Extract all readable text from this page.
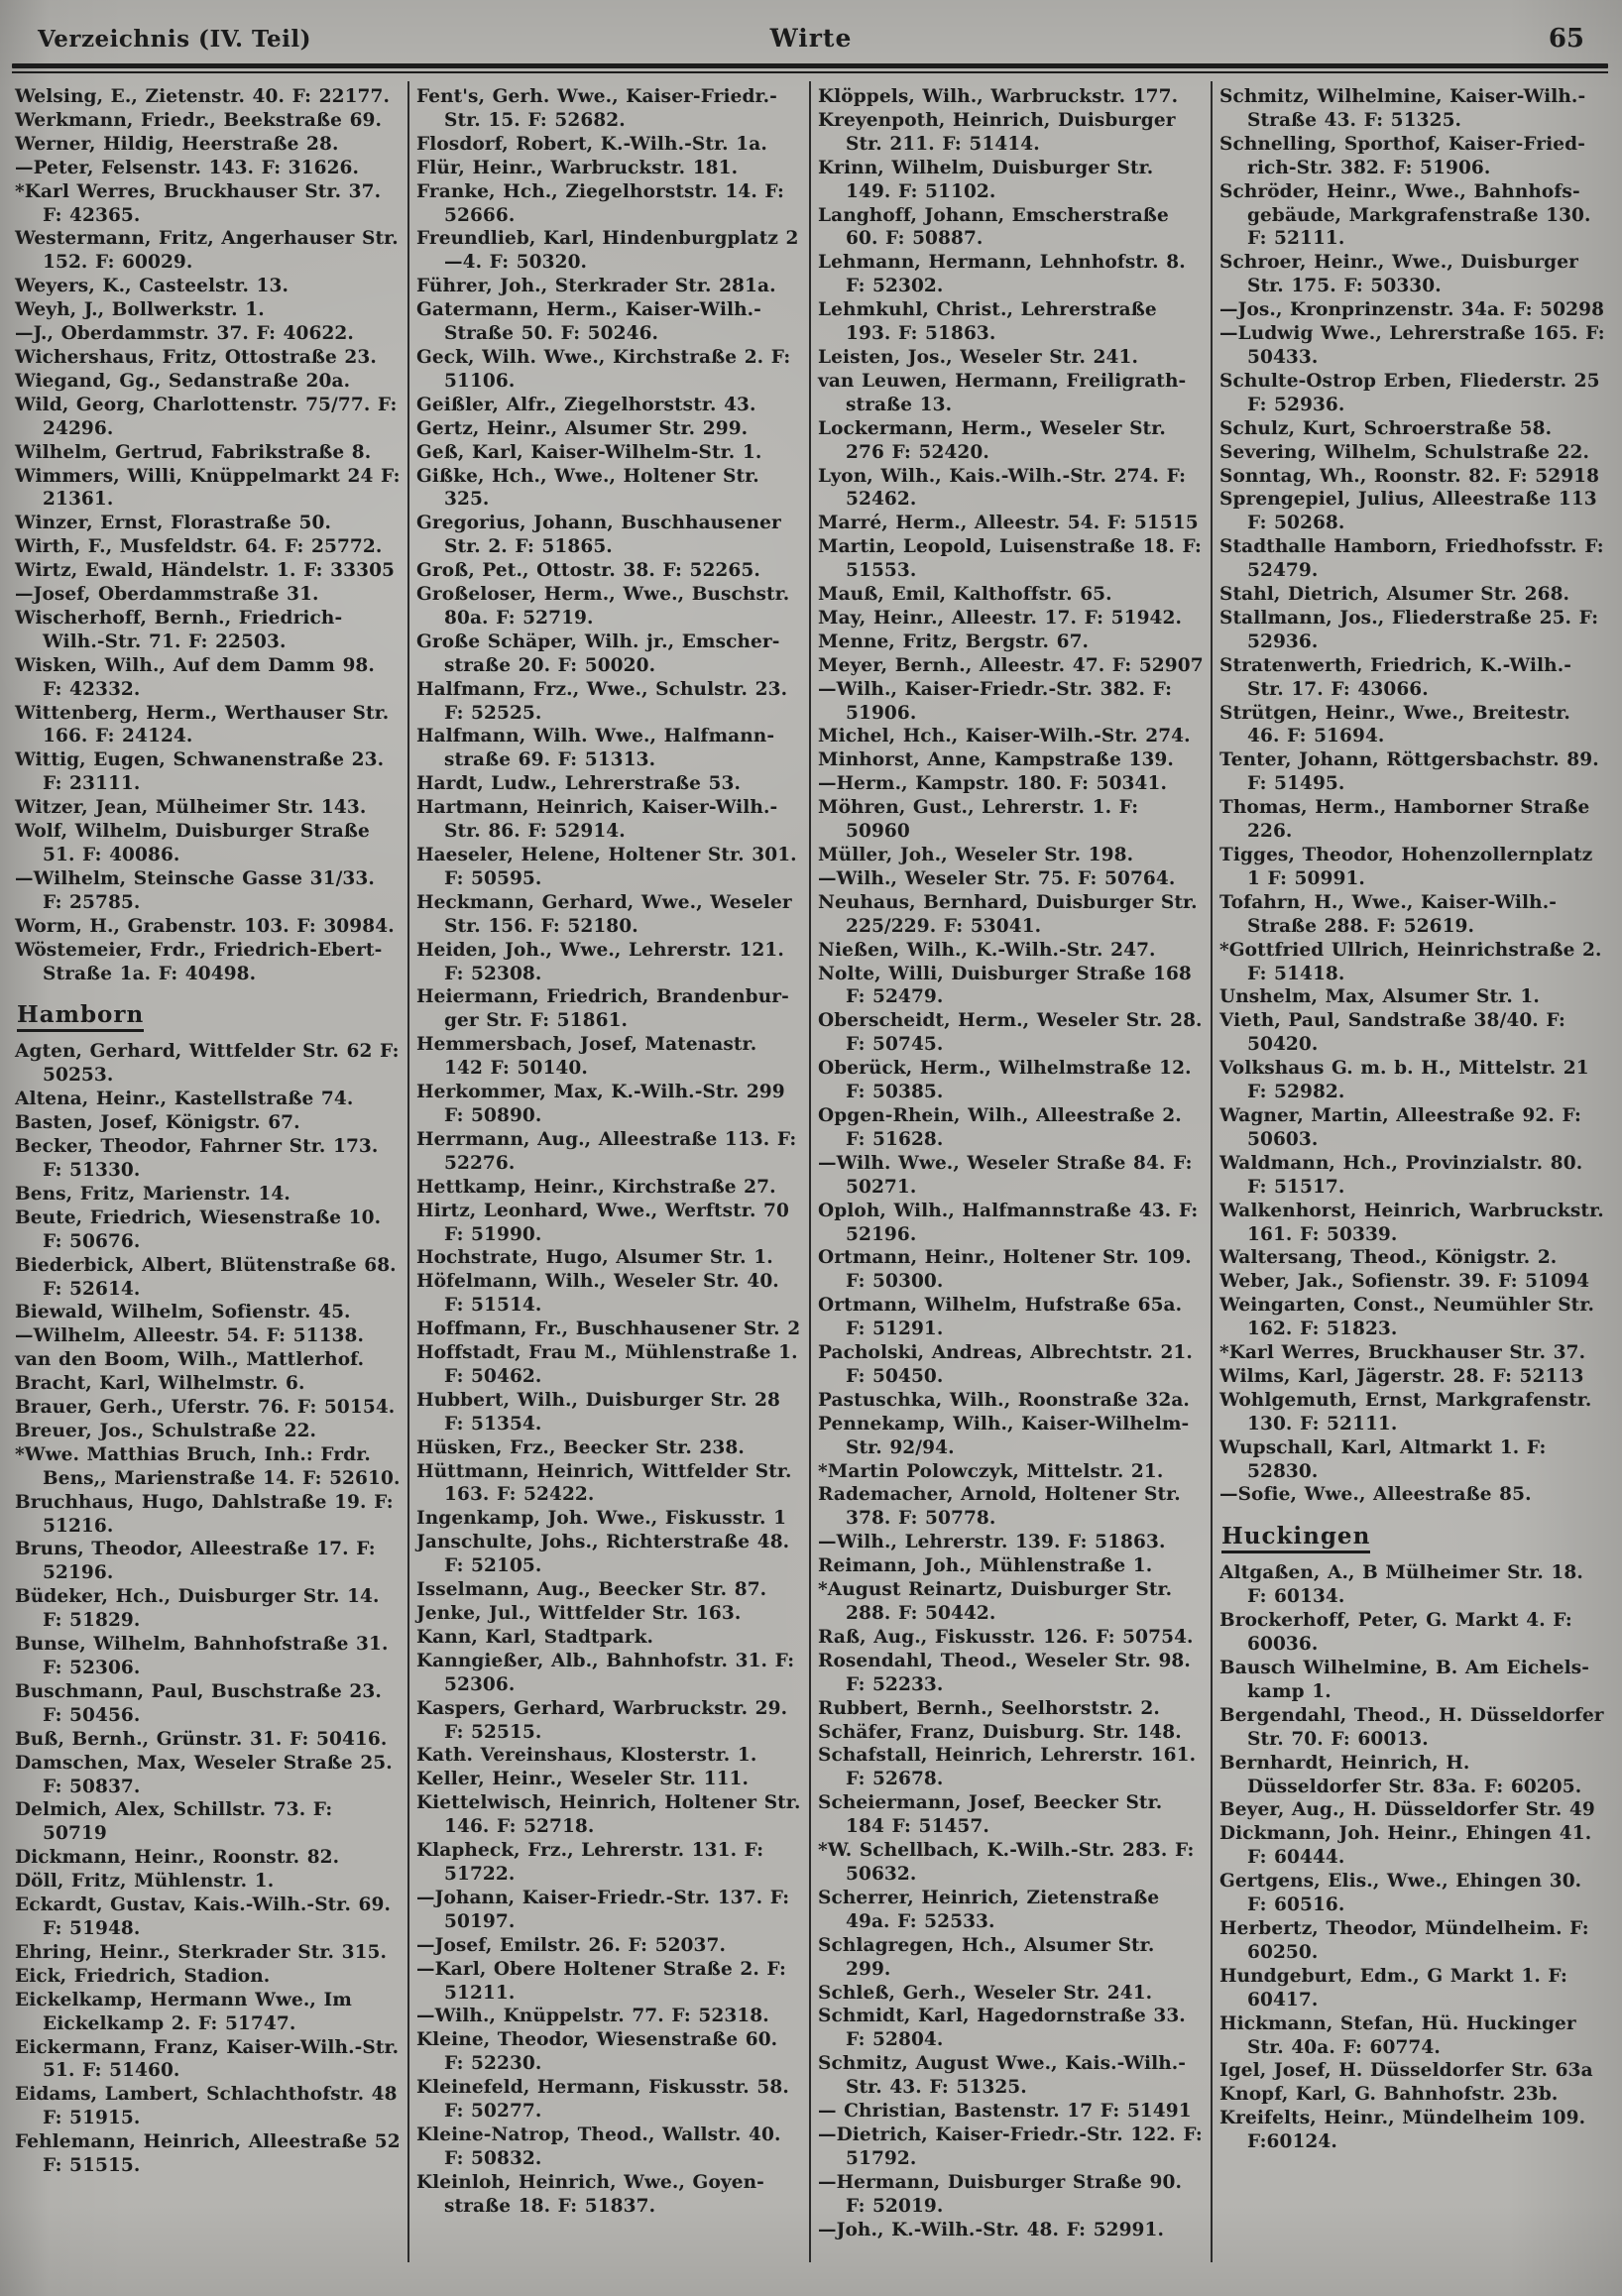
Verzeichnis (IV. Teil)	Wirte	65

Welsing, E., Zietenstr. 40. F: 22177.

Werkmann, Friedr., Beekstraße 69.

Werner, Hildig, Heerstraße 28.

—Peter, Felsenstr. 143. F: 31626.

*Karl Werres, Bruckhauser Str. 37. F: 42365.

Westermann, Fritz, Angerhauser Str. 152. F: 60029.

Weyers, K., Casteelstr. 13.

Weyh, J., Bollwerkstr. 1.

—J., Oberdammstr. 37. F: 40622.

Wichershaus, Fritz, Ottostraße 23.

Wiegand, Gg., Sedanstraße 20a.

Wild, Georg, Charlottenstr. 75/77. F: 24296.

Wilhelm, Gertrud, Fabrikstraße 8.

Wimmers, Willi, Knüppelmarkt 24 F: 21361.

Winzer, Ernst, Florastraße 50.

Wirth, F., Musfeldstr. 64. F: 25772.

Wirtz, Ewald, Händelstr. 1. F: 33305

—Josef, Oberdammstraße 31.

Wischerhoff, Bernh., Friedrich-Wilh.-Str. 71. F: 22503.

Wisken, Wilh., Auf dem Damm 98. F: 42332.

Wittenberg, Herm., Werthauser Str. 166. F: 24124.

Wittig, Eugen, Schwanenstraße 23. F: 23111.

Witzer, Jean, Mülheimer Str. 143.

Wolf, Wilhelm, Duisburger Straße 51. F: 40086.

—Wilhelm, Steinsche Gasse 31/33. F: 25785.

Worm, H., Grabenstr. 103. F: 30984.

Wöstemeier, Frdr., Friedrich-Ebert-Straße 1a. F: 40498.

Hamborn

Agten, Gerhard, Wittfelder Str. 62 F: 50253.

Altena, Heinr., Kastellstraße 74.

Basten, Josef, Königstr. 67.

Becker, Theodor, Fahrner Str. 173. F: 51330.

Bens, Fritz, Marienstr. 14.

Beute, Friedrich, Wiesenstraße 10. F: 50676.

Biederbick, Albert, Blütenstraße 68. F: 52614.

Biewald, Wilhelm, Sofienstr. 45.

—Wilhelm, Alleestr. 54. F: 51138.

van den Boom, Wilh., Mattlerhof.

Bracht, Karl, Wilhelmstr. 6.

Brauer, Gerh., Uferstr. 76. F: 50154.

Breuer, Jos., Schulstraße 22.

*Wwe. Matthias Bruch, Inh.: Frdr. Bens,, Marienstraße 14. F: 52610.

Bruchhaus, Hugo, Dahlstraße 19. F: 51216.

Bruns, Theodor, Alleestraße 17. F: 52196.

Büdeker, Hch., Duisburger Str. 14. F: 51829.

Bunse, Wilhelm, Bahnhofstraße 31. F: 52306.

Buschmann, Paul, Buschstraße 23. F: 50456.

Buß, Bernh., Grünstr. 31. F: 50416.

Damschen, Max, Weseler Straße 25. F: 50837.

Delmich, Alex, Schillstr. 73. F: 50719

Dickmann, Heinr., Roonstr. 82.

Döll, Fritz, Mühlenstr. 1.

Eckardt, Gustav, Kais.-Wilh.-Str. 69. F: 51948.

Ehring, Heinr., Sterkrader Str. 315.

Eick, Friedrich, Stadion.

Eickelkamp, Hermann Wwe., Im Eickelkamp 2. F: 51747.

Eickermann, Franz, Kaiser-Wilh.-Str. 51. F: 51460.

Eidams, Lambert, Schlachthofstr. 48 F: 51915.

Fehlemann, Heinrich, Alleestraße 52 F: 51515.

Fent's, Gerh. Wwe., Kaiser-Friedr.-Str. 15. F: 52682.

Flosdorf, Robert, K.-Wilh.-Str. 1a.

Flür, Heinr., Warbruckstr. 181.

Franke, Hch., Ziegelhorststr. 14. F: 52666.

Freundlieb, Karl, Hindenburgplatz 2—4. F: 50320.

Führer, Joh., Sterkrader Str. 281a.

Gatermann, Herm., Kaiser-Wilh.-Straße 50. F: 50246.

Geck, Wilh. Wwe., Kirchstraße 2. F: 51106.

Geißler, Alfr., Ziegelhorststr. 43.

Gertz, Heinr., Alsumer Str. 299.

Geß, Karl, Kaiser-Wilhelm-Str. 1.

Gißke, Hch., Wwe., Holtener Str. 325.

Gregorius, Johann, Buschhausener Str. 2. F: 51865.

Groß, Pet., Ottostr. 38. F: 52265.

Großeloser, Herm., Wwe., Buschstr. 80a. F: 52719.

Große Schäper, Wilh. jr., Emscherstraße 20. F: 50020.

Halfmann, Frz., Wwe., Schulstr. 23. F: 52525.

Halfmann, Wilh. Wwe., Halfmannstraße 69. F: 51313.

Hardt, Ludw., Lehrerstraße 53.

Hartmann, Heinrich, Kaiser-Wilh.-Str. 86. F: 52914.

Haeseler, Helene, Holtener Str. 301. F: 50595.

Heckmann, Gerhard, Wwe., Weseler Str. 156. F: 52180.

Heiden, Joh., Wwe., Lehrerstr. 121. F: 52308.

Heiermann, Friedrich, Brandenburger Str. F: 51861.

Hemmersbach, Josef, Matenastr. 142 F: 50140.

Herkommer, Max, K.-Wilh.-Str. 299 F: 50890.

Herrmann, Aug., Alleestraße 113. F: 52276.

Hettkamp, Heinr., Kirchstraße 27.

Hirtz, Leonhard, Wwe., Werftstr. 70 F: 51990.

Hochstrate, Hugo, Alsumer Str. 1.

Höfelmann, Wilh., Weseler Str. 40. F: 51514.

Hoffmann, Fr., Buschhausener Str. 2

Hoffstadt, Frau M., Mühlenstraße 1. F: 50462.

Hubbert, Wilh., Duisburger Str. 28 F: 51354.

Hüsken, Frz., Beecker Str. 238.

Hüttmann, Heinrich, Wittfelder Str. 163. F: 52422.

Ingenkamp, Joh. Wwe., Fiskusstr. 1

Janschulte, Johs., Richterstraße 48. F: 52105.

Isselmann, Aug., Beecker Str. 87.

Jenke, Jul., Wittfelder Str. 163.

Kann, Karl, Stadtpark.

Kanngießer, Alb., Bahnhofstr. 31. F: 52306.

Kaspers, Gerhard, Warbruckstr. 29. F: 52515.

Kath. Vereinshaus, Klosterstr. 1.

Keller, Heinr., Weseler Str. 111.

Kiettelwisch, Heinrich, Holtener Str. 146. F: 52718.

Klapheck, Frz., Lehrerstr. 131. F: 51722.

—Johann, Kaiser-Friedr.-Str. 137. F: 50197.

—Josef, Emilstr. 26. F: 52037.

—Karl, Obere Holtener Straße 2. F: 51211.

—Wilh., Knüppelstr. 77. F: 52318.

Kleine, Theodor, Wiesenstraße 60. F: 52230.

Kleinefeld, Hermann, Fiskusstr. 58. F: 50277.

Kleine-Natrop, Theod., Wallstr. 40. F: 50832.

Kleinloh, Heinrich, Wwe., Goyenstraße 18. F: 51837.

Klöppels, Wilh., Warbruckstr. 177.

Kreyenpoth, Heinrich, Duisburger Str. 211. F: 51414.

Krinn, Wilhelm, Duisburger Str. 149. F: 51102.

Langhoff, Johann, Emscherstraße 60. F: 50887.

Lehmann, Hermann, Lehnhofstr. 8. F: 52302.

Lehmkuhl, Christ., Lehrerstraße 193. F: 51863.

Leisten, Jos., Weseler Str. 241.

van Leuwen, Hermann, Freiligrathstraße 13.

Lockermann, Herm., Weseler Str. 276 F: 52420.

Lyon, Wilh., Kais.-Wilh.-Str. 274. F: 52462.

Marré, Herm., Alleestr. 54. F: 51515

Martin, Leopold, Luisenstraße 18. F: 51553.

Mauß, Emil, Kalthoffstr. 65.

May, Heinr., Alleestr. 17. F: 51942.

Menne, Fritz, Bergstr. 67.

Meyer, Bernh., Alleestr. 47. F: 52907

—Wilh., Kaiser-Friedr.-Str. 382. F: 51906.

Michel, Hch., Kaiser-Wilh.-Str. 274.

Minhorst, Anne, Kampstraße 139.

—Herm., Kampstr. 180. F: 50341.

Möhren, Gust., Lehrerstr. 1. F: 50960

Müller, Joh., Weseler Str. 198.

—Wilh., Weseler Str. 75. F: 50764.

Neuhaus, Bernhard, Duisburger Str. 225/229. F: 53041.

Nießen, Wilh., K.-Wilh.-Str. 247.

Nolte, Willi, Duisburger Straße 168 F: 52479.

Oberscheidt, Herm., Weseler Str. 28. F: 50745.

Oberück, Herm., Wilhelmstraße 12. F: 50385.

Opgen-Rhein, Wilh., Alleestraße 2. F: 51628.

—Wilh. Wwe., Weseler Straße 84. F: 50271.

Oploh, Wilh., Halfmannstraße 43. F: 52196.

Ortmann, Heinr., Holtener Str. 109. F: 50300.

Ortmann, Wilhelm, Hufstraße 65a. F: 51291.

Pacholski, Andreas, Albrechtstr. 21. F: 50450.

Pastuschka, Wilh., Roonstraße 32a.

Pennekamp, Wilh., Kaiser-Wilhelm-Str. 92/94.

*Martin Polowczyk, Mittelstr. 21.

Rademacher, Arnold, Holtener Str. 378. F: 50778.

—Wilh., Lehrerstr. 139. F: 51863.

Reimann, Joh., Mühlenstraße 1.

*August Reinartz, Duisburger Str. 288. F: 50442.

Raß, Aug., Fiskusstr. 126. F: 50754.

Rosendahl, Theod., Weseler Str. 98. F: 52233.

Rubbert, Bernh., Seelhorststr. 2.

Schäfer, Franz, Duisburg. Str. 148.

Schafstall, Heinrich, Lehrerstr. 161. F: 52678.

Scheiermann, Josef, Beecker Str. 184 F: 51457.

*W. Schellbach, K.-Wilh.-Str. 283. F: 50632.

Scherrer, Heinrich, Zietenstraße 49a. F: 52533.

Schlagregen, Hch., Alsumer Str. 299.

Schleß, Gerh., Weseler Str. 241.

Schmidt, Karl, Hagedornstraße 33. F: 52804.

Schmitz, August Wwe., Kais.-Wilh.-Str. 43. F: 51325.

— Christian, Bastenstr. 17 F: 51491

—Dietrich, Kaiser-Friedr.-Str. 122. F: 51792.

—Hermann, Duisburger Straße 90. F: 52019.

—Joh., K.-Wilh.-Str. 48. F: 52991.

Schmitz, Wilhelmine, Kaiser-Wilh.-Straße 43. F: 51325.

Schnelling, Sporthof, Kaiser-Friedrich-Str. 382. F: 51906.

Schröder, Heinr., Wwe., Bahnhofsgebäude, Markgrafenstraße 130. F: 52111.

Schroer, Heinr., Wwe., Duisburger Str. 175. F: 50330.

—Jos., Kronprinzenstr. 34a. F: 50298

—Ludwig Wwe., Lehrerstraße 165. F: 50433.

Schulte-Ostrop Erben, Fliederstr. 25 F: 52936.

Schulz, Kurt, Schroerstraße 58.

Severing, Wilhelm, Schulstraße 22.

Sonntag, Wh., Roonstr. 82. F: 52918

Sprengepiel, Julius, Alleestraße 113 F: 50268.

Stadthalle Hamborn, Friedhofsstr. F: 52479.

Stahl, Dietrich, Alsumer Str. 268.

Stallmann, Jos., Fliederstraße 25. F: 52936.

Stratenwerth, Friedrich, K.-Wilh.-Str. 17. F: 43066.

Strütgen, Heinr., Wwe., Breitestr. 46. F: 51694.

Tenter, Johann, Röttgersbachstr. 89. F: 51495.

Thomas, Herm., Hamborner Straße 226.

Tigges, Theodor, Hohenzollernplatz 1 F: 50991.

Tofahrn, H., Wwe., Kaiser-Wilh.-Straße 288. F: 52619.

*Gottfried Ullrich, Heinrichstraße 2. F: 51418.

Unshelm, Max, Alsumer Str. 1.

Vieth, Paul, Sandstraße 38/40. F: 50420.

Volkshaus G. m. b. H., Mittelstr. 21 F: 52982.

Wagner, Martin, Alleestraße 92. F: 50603.

Waldmann, Hch., Provinzialstr. 80. F: 51517.

Walkenhorst, Heinrich, Warbruckstr. 161. F: 50339.

Waltersang, Theod., Königstr. 2.

Weber, Jak., Sofienstr. 39. F: 51094

Weingarten, Const., Neumühler Str. 162. F: 51823.

*Karl Werres, Bruckhauser Str. 37.

Wilms, Karl, Jägerstr. 28. F: 52113

Wohlgemuth, Ernst, Markgrafenstr. 130. F: 52111.

Wupschall, Karl, Altmarkt 1. F: 52830.

—Sofie, Wwe., Alleestraße 85.

Huckingen

Altgaßen, A., B Mülheimer Str. 18. F: 60134.

Brockerhoff, Peter, G. Markt 4. F: 60036.

Bausch Wilhelmine, B. Am Eichelskamp 1.

Bergendahl, Theod., H. Düsseldorfer Str. 70. F: 60013.

Bernhardt, Heinrich, H. Düsseldorfer Str. 83a. F: 60205.

Beyer, Aug., H. Düsseldorfer Str. 49

Dickmann, Joh. Heinr., Ehingen 41. F: 60444.

Gertgens, Elis., Wwe., Ehingen 30. F: 60516.

Herbertz, Theodor, Mündelheim. F: 60250.

Hundgeburt, Edm., G Markt 1. F: 60417.

Hickmann, Stefan, Hü. Huckinger Str. 40a. F: 60774.

Igel, Josef, H. Düsseldorfer Str. 63a

Knopf, Karl, G. Bahnhofstr. 23b.

Kreifelts, Heinr., Mündelheim 109. F:60124.
